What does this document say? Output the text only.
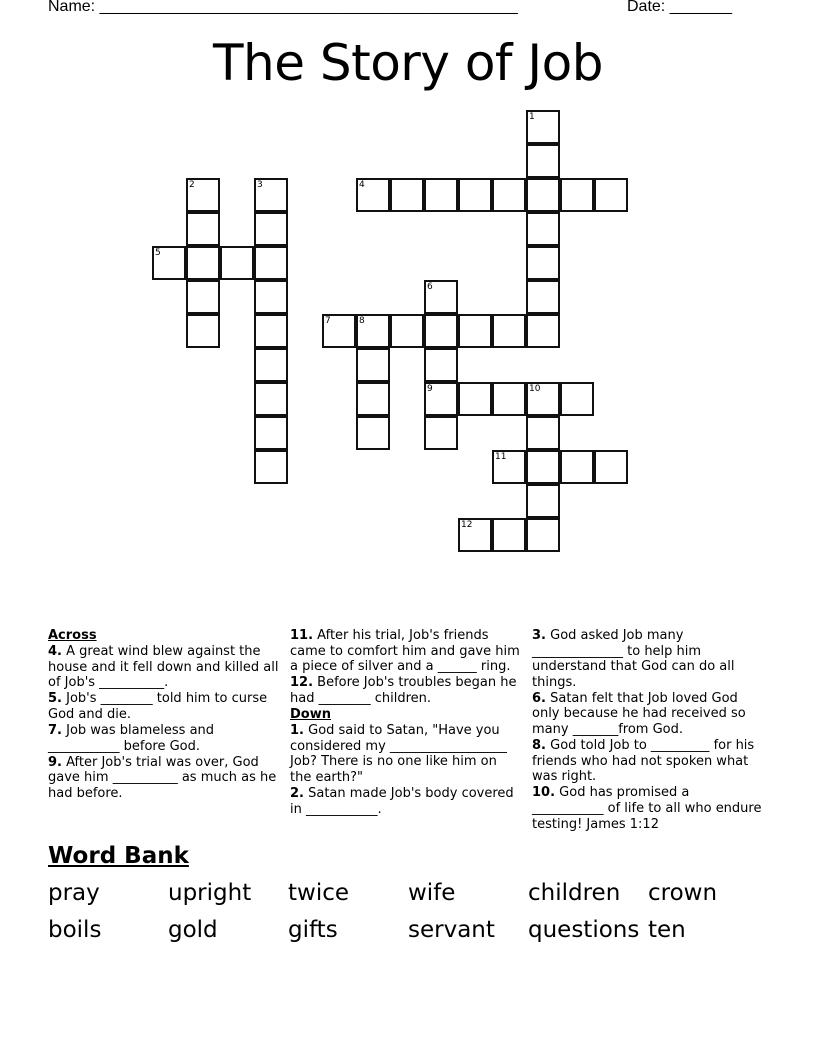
Name: _______________________________________________	Date: _______
The Story of Job
1
2	3	4
5
6
9
7	8
10
11
12

Across

4. A great wind blew against the house and it fell down and killed all of Job's __________.

5. Job's ________ told him to curse God and die.

7. Job was blameless and ___________ before God.

9. After Job's trial was over, God gave him __________ as much as he had before.

11. After his trial, Job's friends came to comfort him and gave him a piece of silver and a ______ ring.

12. Before Job's troubles began he had ________ children.

Down

1. God said to Satan, "Have you considered my __________________ Job? There is no one like him on the earth?"

2. Satan made Job's body covered in ___________.

3. God asked Job many ______________ to help him understand that God can do all things.

6. Satan felt that Job loved God only because he had received so many _______from God.

8. God told Job to _________ for his friends who had not spoken what was right.

10. God has promised a ___________ of life to all who endure testing! James 1:12

Word Bank
pray	upright twice	wife	children crown
boils	gold	gifts	servant questions ten
